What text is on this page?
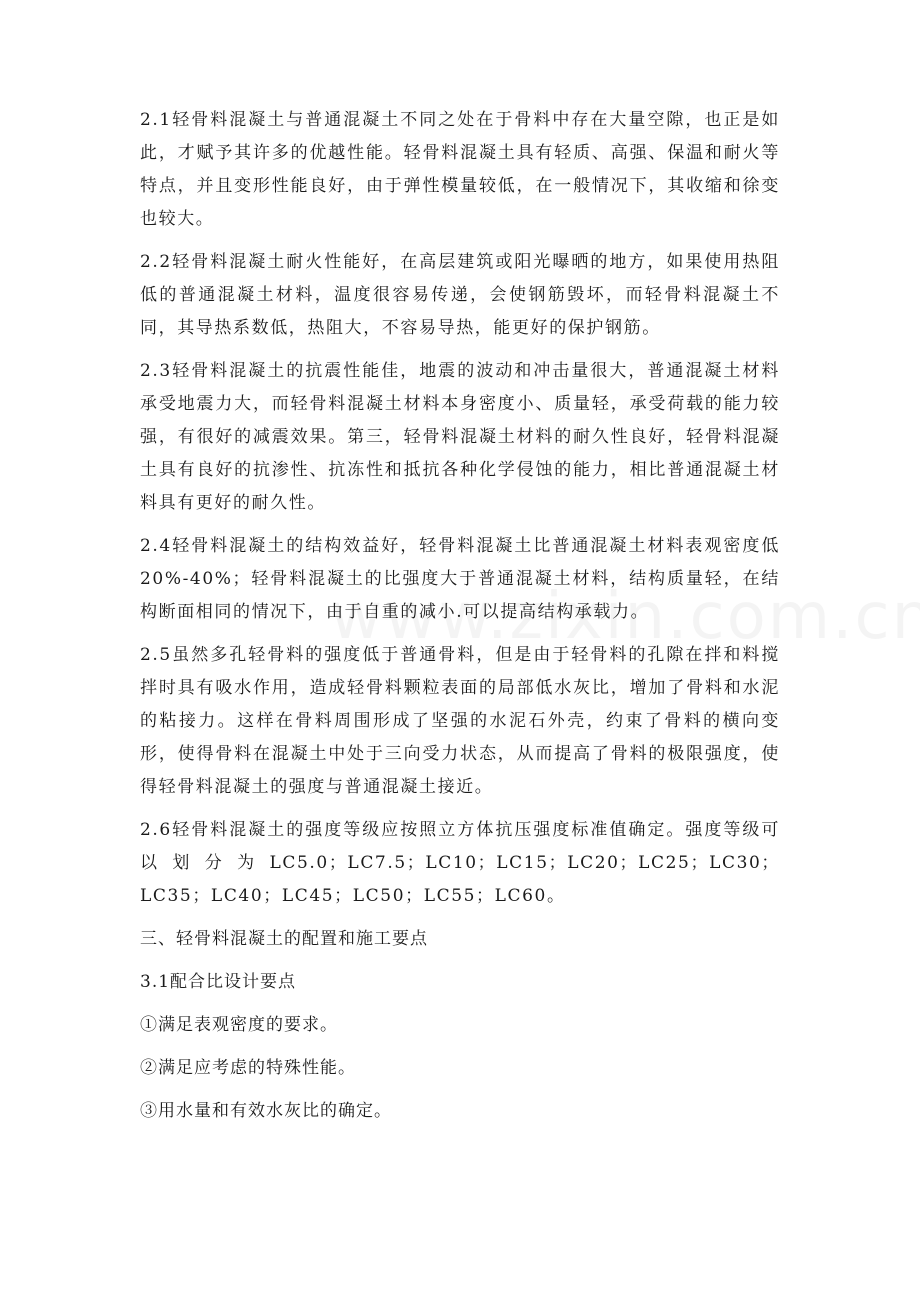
2.1轻骨料混凝土与普通混凝土不同之处在于骨料中存在大量空隙，也正是如此，才赋予其许多的优越性能。轻骨料混凝土具有轻质、高强、保温和耐火等特点，并且变形性能良好，由于弹性模量较低，在一般情况下，其收缩和徐变也较大。

2.2轻骨料混凝土耐火性能好，在高层建筑或阳光曝晒的地方，如果使用热阻低的普通混凝土材料，温度很容易传递，会使钢筋毁坏，而轻骨料混凝土不同，其导热系数低，热阻大，不容易导热，能更好的保护钢筋。

2.3轻骨料混凝土的抗震性能佳，地震的波动和冲击量很大，普通混凝土材料承受地震力大，而轻骨料混凝土材料本身密度小、质量轻，承受荷载的能力较强，有很好的减震效果。第三，轻骨料混凝土材料的耐久性良好，轻骨料混凝土具有良好的抗渗性、抗冻性和抵抗各种化学侵蚀的能力，相比普通混凝土材料具有更好的耐久性。

2.4轻骨料混凝土的结构效益好，轻骨料混凝土比普通混凝土材料表观密度低20%-40%；轻骨料混凝土的比强度大于普通混凝土材料，结构质量轻，在结构断面相同的情况下，由于自重的减小.可以提高结构承载力。

2.5虽然多孔轻骨料的强度低于普通骨料，但是由于轻骨料的孔隙在拌和料搅拌时具有吸水作用，造成轻骨料颗粒表面的局部低水灰比，增加了骨料和水泥的粘接力。这样在骨料周围形成了坚强的水泥石外壳，约束了骨料的横向变形，使得骨料在混凝土中处于三向受力状态，从而提高了骨料的极限强度，使得轻骨料混凝土的强度与普通混凝土接近。

2.6轻骨料混凝土的强度等级应按照立方体抗压强度标准值确定。强度等级可以划分为LC5.0；LC7.5；LC10；LC15；LC20；LC25；LC30；LC35；LC40；LC45；LC50；LC55；LC60。

三、轻骨料混凝土的配置和施工要点

3.1配合比设计要点

①满足表观密度的要求。

②满足应考虑的特殊性能。

③用水量和有效水灰比的确定。
